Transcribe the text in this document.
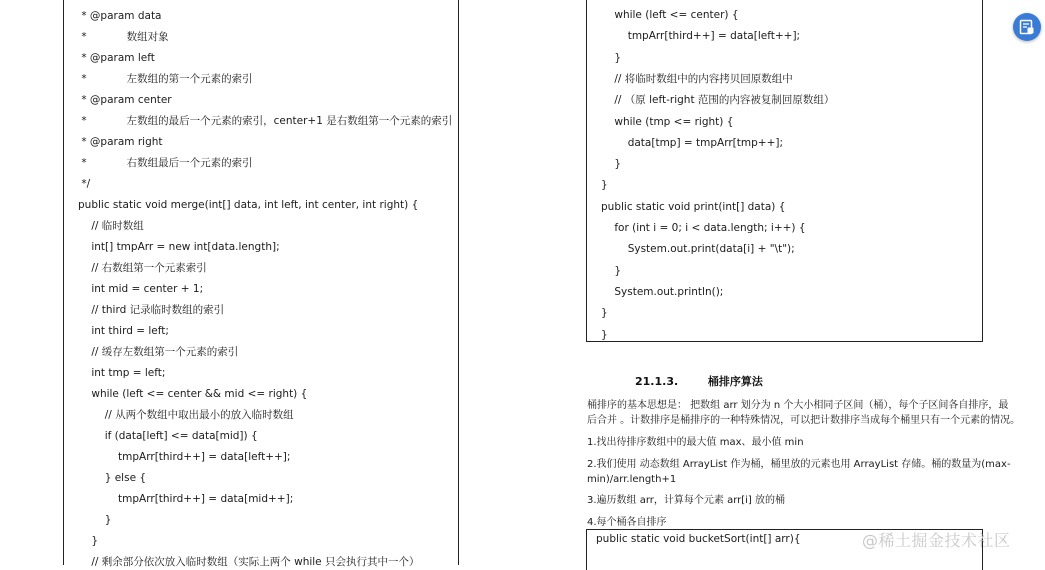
* @param data
*            数组对象
* @param left
*            左数组的第一个元素的索引
* @param center
*            左数组的最后一个元素的索引，center+1 是右数组第一个元素的索引
* @param right
*            右数组最后一个元素的索引
*/
public static void merge(int[] data, int left, int center, int right) {
// 临时数组
int[] tmpArr = new int[data.length];
// 右数组第一个元素索引
int mid = center + 1;
// third 记录临时数组的索引
int third = left;
// 缓存左数组第一个元素的索引
int tmp = left;
while (left <= center && mid <= right) {
// 从两个数组中取出最小的放入临时数组
if (data[left] <= data[mid]) {
tmpArr[third++] = data[left++];
} else {
tmpArr[third++] = data[mid++];
}
}
// 剩余部分依次放入临时数组（实际上两个 while 只会执行其中一个）
while (left <= center) {
tmpArr[third++] = data[left++];
}
// 将临时数组中的内容拷贝回原数组中
// （原 left-right 范围的内容被复制回原数组）
while (tmp <= right) {
data[tmp] = tmpArr[tmp++];
}
}
public static void print(int[] data) {
for (int i = 0; i < data.length; i++) {
System.out.print(data[i] + "\t");
}
System.out.println();
}
}
21.1.3.	桶排序算法
桶排序的基本思想是： 把数组 arr 划分为 n 个大小相同子区间（桶），每个子区间各自排序，最
后合并 。计数排序是桶排序的一种特殊情况，可以把计数排序当成每个桶里只有一个元素的情况。
1.找出待排序数组中的最大值 max、最小值 min
2.我们使用 动态数组 ArrayList 作为桶，桶里放的元素也用 ArrayList 存储。桶的数量为(max-
min)/arr.length+1
3.遍历数组 arr，计算每个元素 arr[i] 放的桶
4.每个桶各自排序
public static void bucketSort(int[] arr){	@稀土掘金技术社区
